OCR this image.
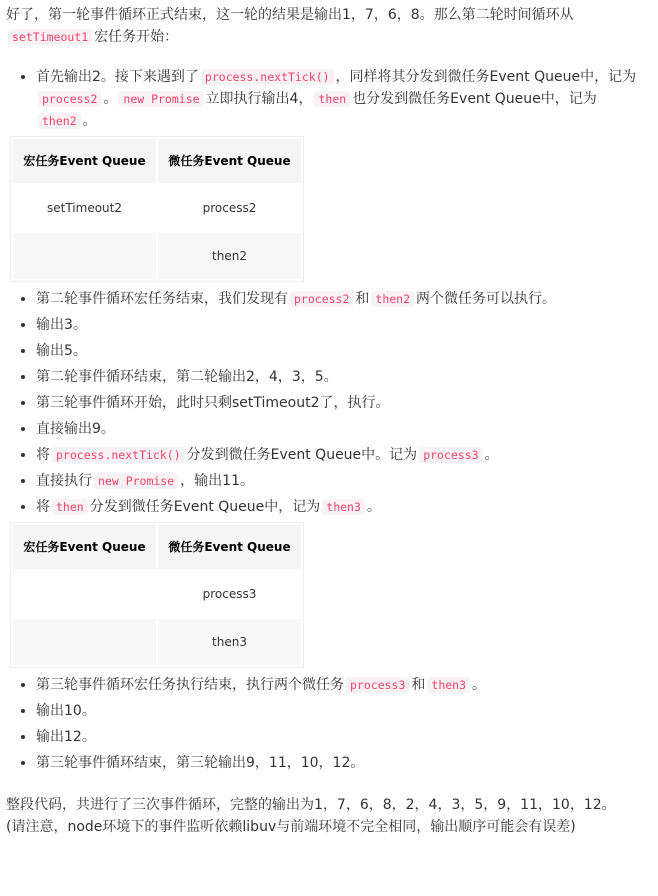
好了，第一轮事件循环正式结束，这一轮的结果是输出1，7，6，8。那么第二轮时间循环从
setTimeout1 宏任务开始：

• 首先输出2。接下来遇到了 process.nextTick() ，同样将其分发到微任务Event Queue中，记为process2 。 new Promise 立即执行输出4， then 也分发到微任务Event Queue中，记为then2 。
宏任务Event Queue	微任务Event Queue
setTimeout2	process2
	then2
• 第二轮事件循环宏任务结束，我们发现有 process2 和 then2 两个微任务可以执行。
• 输出3。
• 输出5。
• 第二轮事件循环结束，第二轮输出2，4，3，5。
• 第三轮事件循环开始，此时只剩setTimeout2了，执行。
• 直接输出9。
• 将 process.nextTick() 分发到微任务Event Queue中。记为 process3 。
• 直接执行 new Promise ，输出11。
• 将 then 分发到微任务Event Queue中，记为 then3 。
宏任务Event Queue	微任务Event Queue
	process3
	then3
• 第三轮事件循环宏任务执行结束，执行两个微任务 process3 和 then3 。
• 输出10。
• 输出12。
• 第三轮事件循环结束，第三轮输出9，11，10，12。

整段代码，共进行了三次事件循环，完整的输出为1，7，6，8，2，4，3，5，9，11，10，12。
(请注意，node环境下的事件监听依赖libuv与前端环境不完全相同，输出顺序可能会有误差)
